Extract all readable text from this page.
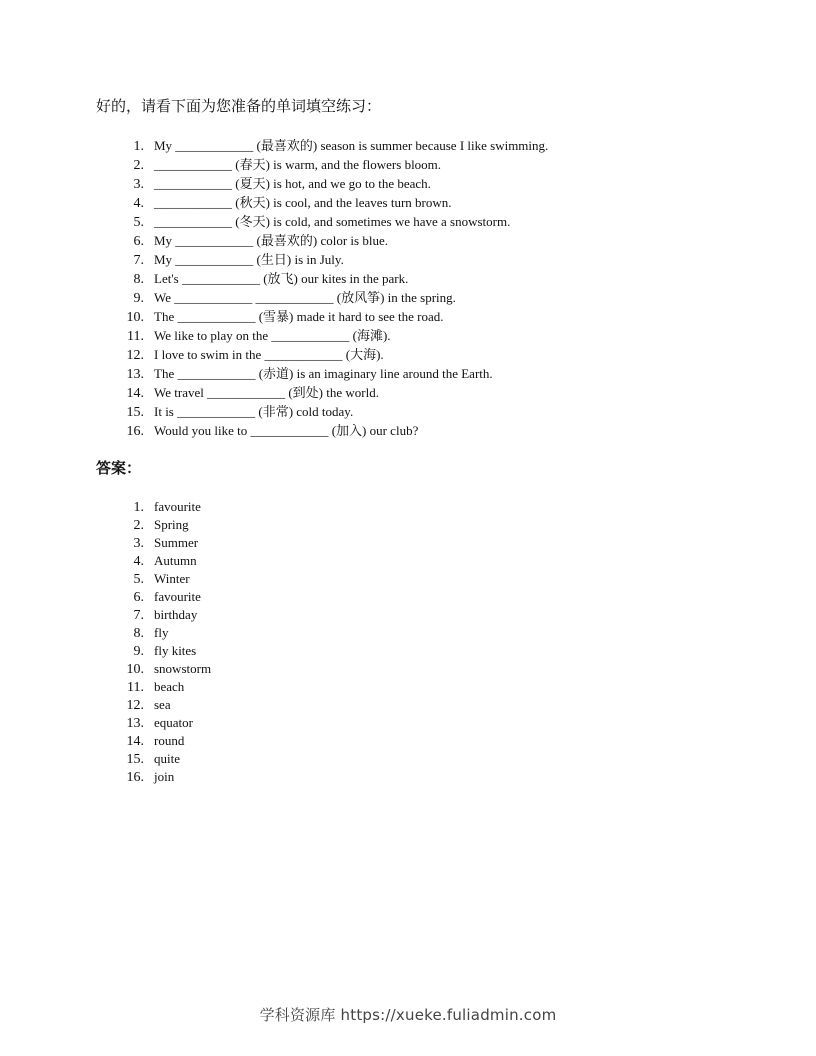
好的，请看下面为您准备的单词填空练习：
1. My ____________ (最喜欢的) season is summer because I like swimming.
2. ____________ (春天) is warm, and the flowers bloom.
3. ____________ (夏天) is hot, and we go to the beach.
4. ____________ (秋天) is cool, and the leaves turn brown.
5. ____________ (冬天) is cold, and sometimes we have a snowstorm.
6. My ____________ (最喜欢的) color is blue.
7. My ____________ (生日) is in July.
8. Let's ____________ (放飞) our kites in the park.
9. We ____________ ____________ (放风筝) in the spring.
10. The ____________ (雪暴) made it hard to see the road.
11. We like to play on the ____________ (海滩).
12. I love to swim in the ____________ (大海).
13. The ____________ (赤道) is an imaginary line around the Earth.
14. We travel ____________ (到处) the world.
15. It is ____________ (非常) cold today.
16. Would you like to ____________ (加入) our club?
答案：
1. favourite
2. Spring
3. Summer
4. Autumn
5. Winter
6. favourite
7. birthday
8. fly
9. fly kites
10. snowstorm
11. beach
12. sea
13. equator
14. round
15. quite
16. join
学科资源库 https://xueke.fuliadmin.com
